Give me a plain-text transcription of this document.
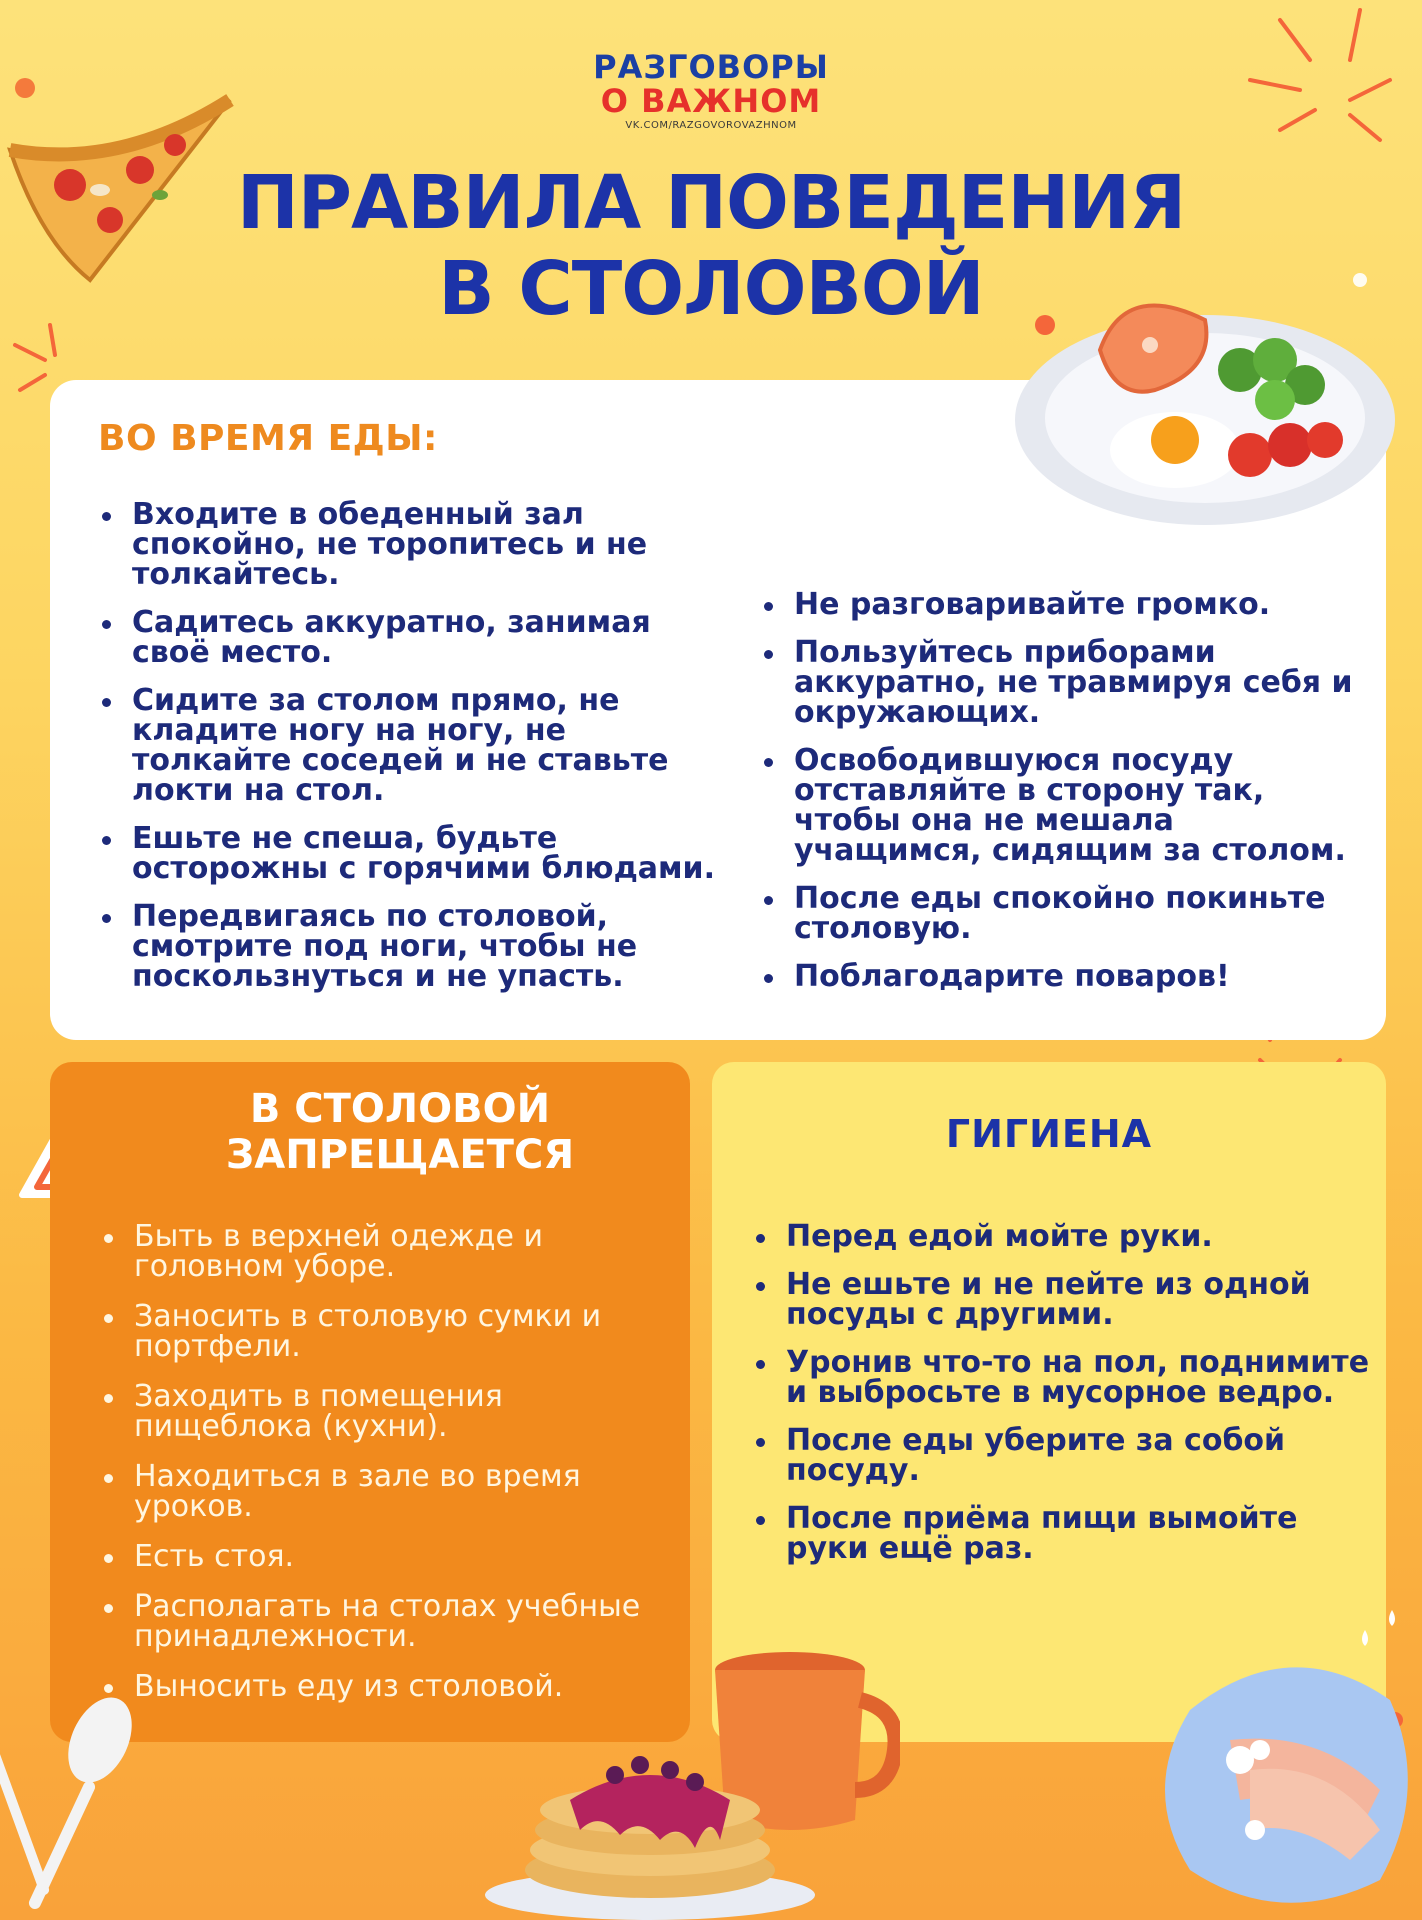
РАЗГОВОРЫ
О ВАЖНОМ
VK.COM/RAZGOVOROVAZHNOM
ПРАВИЛА ПОВЕДЕНИЯ
В СТОЛОВОЙ
ВО ВРЕМЯ ЕДЫ:
Входите в обеденный зал спокойно, не торопитесь и не толкайтесь.
Садитесь аккуратно, занимая своё место.
Сидите за столом прямо, не кладите ногу на ногу, не толкайте соседей и не ставьте локти на стол.
Ешьте не спеша, будьте осторожны с горячими блюдами.
Передвигаясь по столовой, смотрите под ноги, чтобы не поскользнуться и не упасть.
Не разговаривайте громко.
Пользуйтесь приборами аккуратно, не травмируя себя и окружающих.
Освободившуюся посуду отставляйте в сторону так, чтобы она не мешала учащимся, сидящим за столом.
После еды спокойно покиньте столовую.
Поблагодарите поваров!
В СТОЛОВОЙ
ЗАПРЕЩАЕТСЯ
Быть в верхней одежде и головном уборе.
Заносить в столовую сумки и портфели.
Заходить в помещения пищеблока (кухни).
Находиться в зале во время уроков.
Есть стоя.
Располагать на столах учебные принадлежности.
Выносить еду из столовой.
ГИГИЕНА
Перед едой мойте руки.
Не ешьте и не пейте из одной посуды с другими.
Уронив что-то на пол, поднимите и выбросьте в мусорное ведро.
После еды уберите за собой посуду.
После приёма пищи вымойте руки ещё раз.
